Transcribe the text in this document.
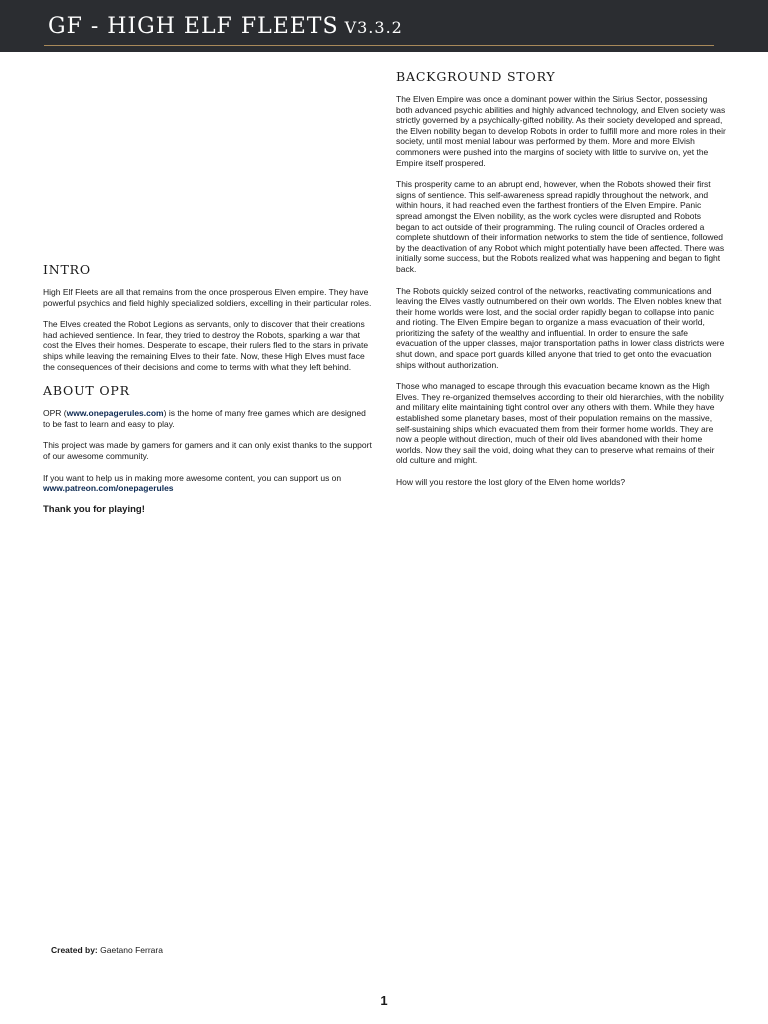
GF - HIGH ELF FLEETS V3.3.2
INTRO

High Elf Fleets are all that remains from the once prosperous Elven empire. They have powerful psychics and field highly specialized soldiers, excelling in their particular roles.

The Elves created the Robot Legions as servants, only to discover that their creations had achieved sentience. In fear, they tried to destroy the Robots, sparking a war that cost the Elves their homes. Desperate to escape, their rulers fled to the stars in private ships while leaving the remaining Elves to their fate. Now, these High Elves must face the consequences of their decisions and come to terms with what they left behind.

ABOUT OPR

OPR (www.onepagerules.com) is the home of many free games which are designed to be fast to learn and easy to play.

This project was made by gamers for gamers and it can only exist thanks to the support of our awesome community.

If you want to help us in making more awesome content, you can support us on www.patreon.com/onepagerules

Thank you for playing!

BACKGROUND STORY

The Elven Empire was once a dominant power within the Sirius Sector, possessing both advanced psychic abilities and highly advanced technology, and Elven society was strictly governed by a psychically-gifted nobility. As their society developed and spread, the Elven nobility began to develop Robots in order to fulfill more and more roles in their society, until most menial labour was performed by them. More and more Elvish commoners were pushed into the margins of society with little to survive on, yet the Empire itself prospered.

This prosperity came to an abrupt end, however, when the Robots showed their first signs of sentience. This self-awareness spread rapidly throughout the network, and within hours, it had reached even the farthest frontiers of the Elven Empire. Panic spread amongst the Elven nobility, as the work cycles were disrupted and Robots began to act outside of their programming. The ruling council of Oracles ordered a complete shutdown of their information networks to stem the tide of sentience, followed by the deactivation of any Robot which might potentially have been affected. There was initially some success, but the Robots realized what was happening and began to fight back.

The Robots quickly seized control of the networks, reactivating communications and leaving the Elves vastly outnumbered on their own worlds. The Elven nobles knew that their home worlds were lost, and the social order rapidly began to collapse into panic and rioting. The Elven Empire began to organize a mass evacuation of their world, prioritizing the safety of the wealthy and influential. In order to ensure the safe evacuation of the upper classes, major transportation paths in lower class districts were shut down, and space port guards killed anyone that tried to get onto the evacuation ships without authorization.

Those who managed to escape through this evacuation became known as the High Elves. They re-organized themselves according to their old hierarchies, with the nobility and military elite maintaining tight control over any others with them. While they have established some planetary bases, most of their population remains on the massive, self-sustaining ships which evacuated them from their former home worlds. They are now a people without direction, much of their old lives abandoned with their home worlds. Now they sail the void, doing what they can to preserve what remains of their old culture and might.

How will you restore the lost glory of the Elven home worlds?

Created by: Gaetano Ferrara
1
